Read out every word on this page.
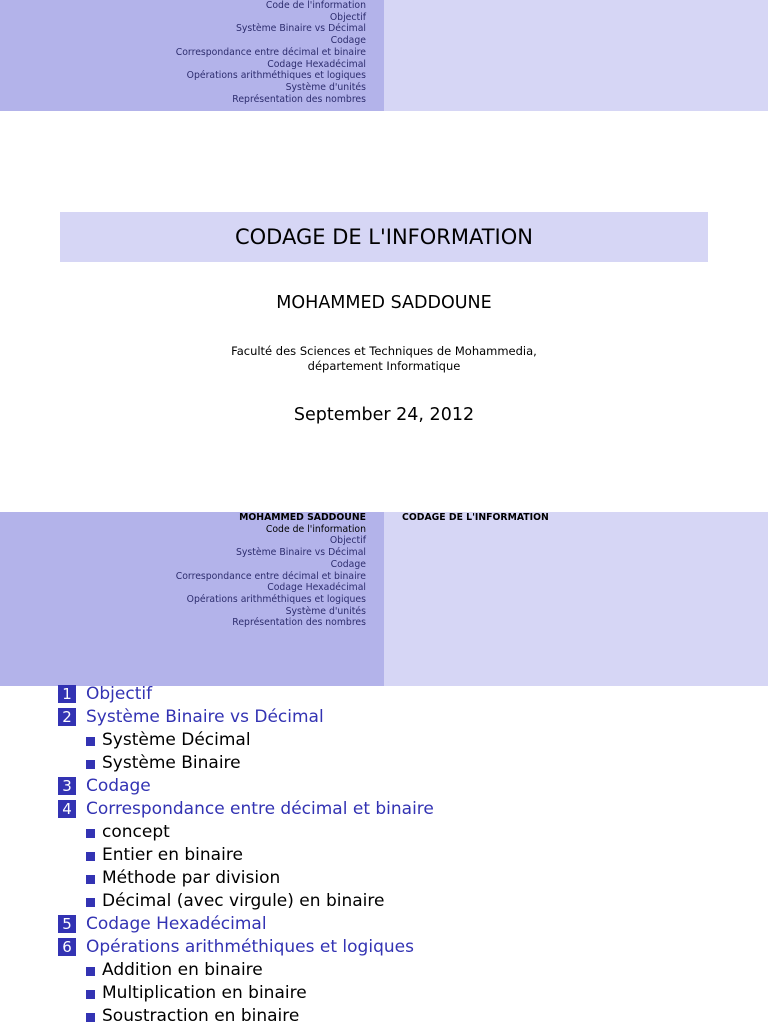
Code de l'information
Objectif
Système Binaire vs Décimal
Codage
Correspondance entre décimal et binaire
Codage Hexadécimal
Opérations arithméthiques et logiques
Système d'unités
Représentation des nombres
CODAGE DE L'INFORMATION
MOHAMMED SADDOUNE
Faculté des Sciences et Techniques de Mohammedia,
département Informatique
September 24, 2012
MOHAMMED SADDOUNE
Code de l'information
Objectif
Système Binaire vs Décimal
Codage
Correspondance entre décimal et binaire
Codage Hexadécimal
Opérations arithméthiques et logiques
Système d'unités
Représentation des nombres
CODAGE DE L'INFORMATION
1 Objectif
2 Système Binaire vs Décimal
Système Décimal
Système Binaire
3 Codage
4 Correspondance entre décimal et binaire
concept
Entier en binaire
Méthode par division
Décimal (avec virgule) en binaire
5 Codage Hexadécimal
6 Opérations arithméthiques et logiques
Addition en binaire
Multiplication en binaire
Soustraction en binaire
